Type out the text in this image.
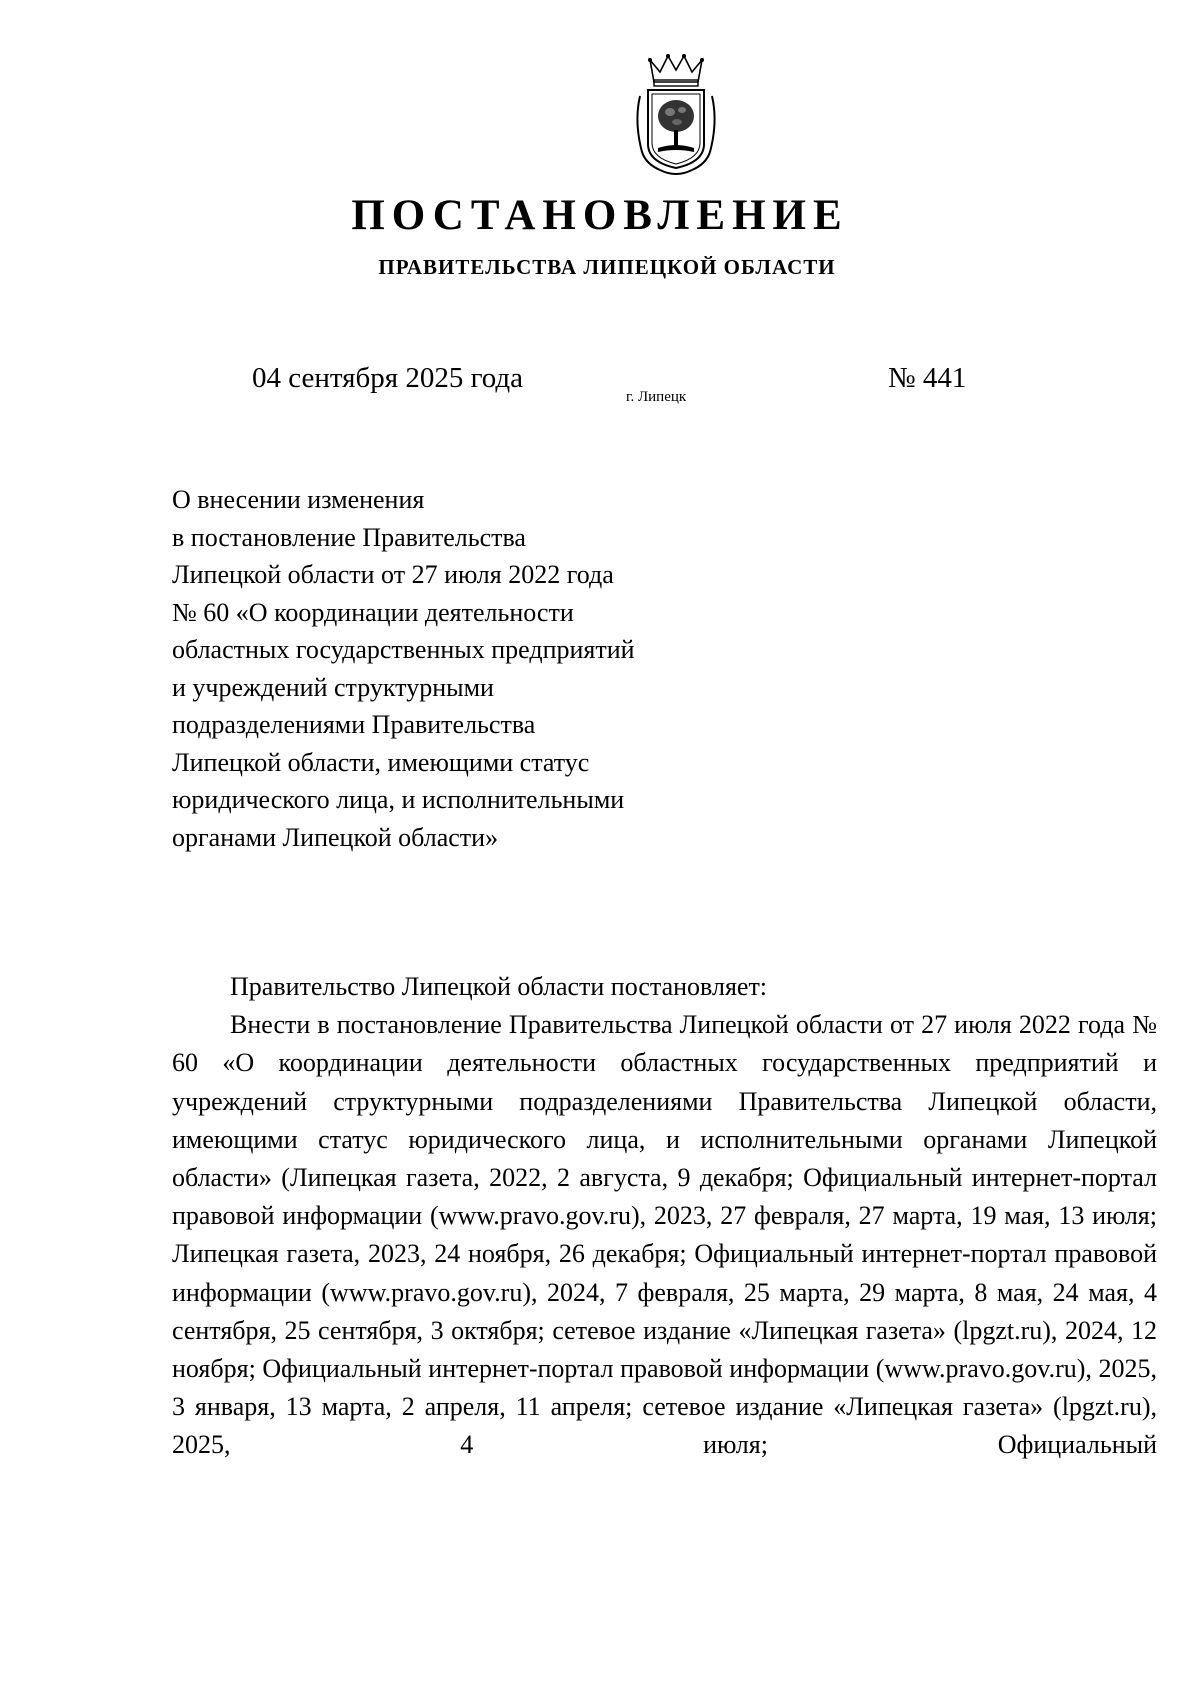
ПОСТАНОВЛЕНИЕ
ПРАВИТЕЛЬСТВА ЛИПЕЦКОЙ ОБЛАСТИ
04 сентября 2025 года
г. Липецк
№ 441
О внесении изменения
в постановление Правительства
Липецкой области от 27 июля 2022 года
№ 60 «О координации деятельности
областных государственных предприятий
и учреждений структурными
подразделениями Правительства
Липецкой области, имеющими статус
юридического лица, и исполнительными
органами Липецкой области»

Правительство Липецкой области постановляет:

Внести в постановление Правительства Липецкой области от 27 июля 2022 года № 60 «О координации деятельности областных государственных предприятий и учреждений структурными подразделениями Правительства Липецкой области, имеющими статус юридического лица, и исполнительными органами Липецкой области» (Липецкая газета, 2022, 2 августа, 9 декабря; Официальный интернет-портал правовой информации (www.pravo.gov.ru), 2023, 27 февраля, 27 марта, 19 мая, 13 июля; Липецкая газета, 2023, 24 ноября, 26 декабря; Официальный интернет-портал правовой информации (www.pravo.gov.ru), 2024, 7 февраля, 25 марта, 29 марта, 8 мая, 24 мая, 4 сентября, 25 сентября, 3 октября; сетевое издание «Липецкая газета» (lpgzt.ru), 2024, 12 ноября; Официальный интернет-портал правовой информации (www.pravo.gov.ru), 2025, 3 января, 13 марта, 2 апреля, 11 апреля; сетевое издание «Липецкая газета» (lpgzt.ru), 2025, 4 июля; Официальный
